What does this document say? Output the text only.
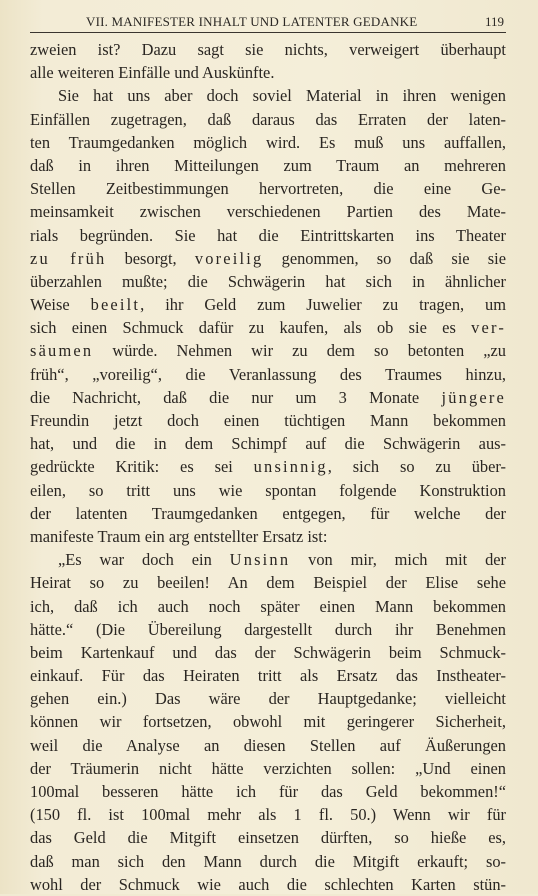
VII. MANIFESTER INHALT UND LATENTER GEDANKE	119
zweien ist? Dazu sagt sie nichts, verweigert überhaupt
alle weiteren Einfälle und Auskünfte.
Sie hat uns aber doch soviel Material in ihren wenigen
Einfällen zugetragen, daß daraus das Erraten der laten-
ten Traumgedanken möglich wird. Es muß uns auffallen,
daß in ihren Mitteilungen zum Traum an mehreren
Stellen Zeitbestimmungen hervortreten, die eine Ge-
meinsamkeit zwischen verschiedenen Partien des Mate-
rials begründen. Sie hat die Eintrittskarten ins Theater
zu früh besorgt, voreilig genommen, so daß sie sie
überzahlen mußte; die Schwägerin hat sich in ähnlicher
Weise beeilt, ihr Geld zum Juwelier zu tragen, um
sich einen Schmuck dafür zu kaufen, als ob sie es ver-
säumen würde. Nehmen wir zu dem so betonten „zu
früh“, „voreilig“, die Veranlassung des Traumes hinzu,
die Nachricht, daß die nur um 3 Monate jüngere
Freundin jetzt doch einen tüchtigen Mann bekommen
hat, und die in dem Schimpf auf die Schwägerin aus-
gedrückte Kritik: es sei unsinnig, sich so zu über-
eilen, so tritt uns wie spontan folgende Konstruktion
der latenten Traumgedanken entgegen, für welche der
manifeste Traum ein arg entstellter Ersatz ist:
„Es war doch ein Unsinn von mir, mich mit der
Heirat so zu beeilen! An dem Beispiel der Elise sehe
ich, daß ich auch noch später einen Mann bekommen
hätte.“ (Die Übereilung dargestellt durch ihr Benehmen
beim Kartenkauf und das der Schwägerin beim Schmuck-
einkauf. Für das Heiraten tritt als Ersatz das Instheater-
gehen ein.) Das wäre der Hauptgedanke; vielleicht
können wir fortsetzen, obwohl mit geringerer Sicherheit,
weil die Analyse an diesen Stellen auf Äußerungen
der Träumerin nicht hätte verzichten sollen: „Und einen
100mal besseren hätte ich für das Geld bekommen!“
(150 fl. ist 100mal mehr als 1 fl. 50.) Wenn wir für
das Geld die Mitgift einsetzen dürften, so hieße es,
daß man sich den Mann durch die Mitgift erkauft; so-
wohl der Schmuck wie auch die schlechten Karten stün-
